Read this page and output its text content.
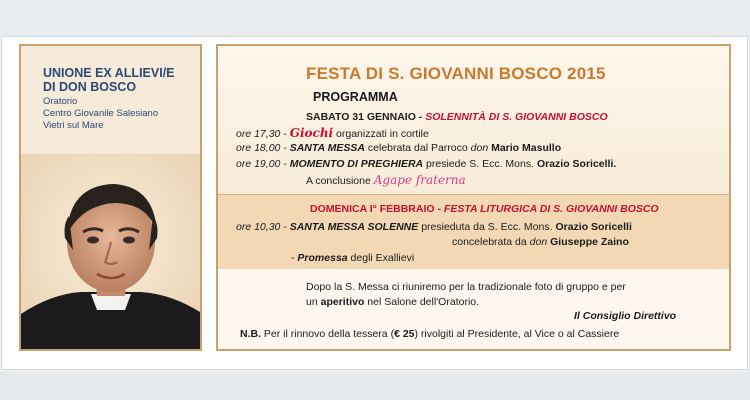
UNIONE EX ALLIEVI/E
DI DON BOSCO
Oratorio
Centro Giovanile Salesiano
Vietri sul Mare
FESTA DI S. GIOVANNI BOSCO 2015
PROGRAMMA
SABATO 31 GENNAIO - SOLENNITÀ DI S. GIOVANNI BOSCO
ore 17,30 - Giochi organizzati in cortile
ore 18,00 - SANTA MESSA celebrata dal Parroco don Mario Masullo
ore 19,00 - MOMENTO DI PREGHIERA presiede S. Ecc. Mons. Orazio Soricelli.
A conclusione Agape fraterna
DOMENICA I° FEBBRAIO - FESTA LITURGICA DI S. GIOVANNI BOSCO
ore 10,30 - SANTA MESSA SOLENNE presieduta da S. Ecc. Mons. Orazio Soricelli
concelebrata da don Giuseppe Zaino
- Promessa degli Exallievi
Dopo la S. Messa ci riuniremo per la tradizionale foto di gruppo e per
un aperitivo nel Salone dell'Oratorio.
Il Consiglio Direttivo
N.B. Per il rinnovo della tessera (€ 25) rivolgiti al Presidente, al Vice o al Cassiere
